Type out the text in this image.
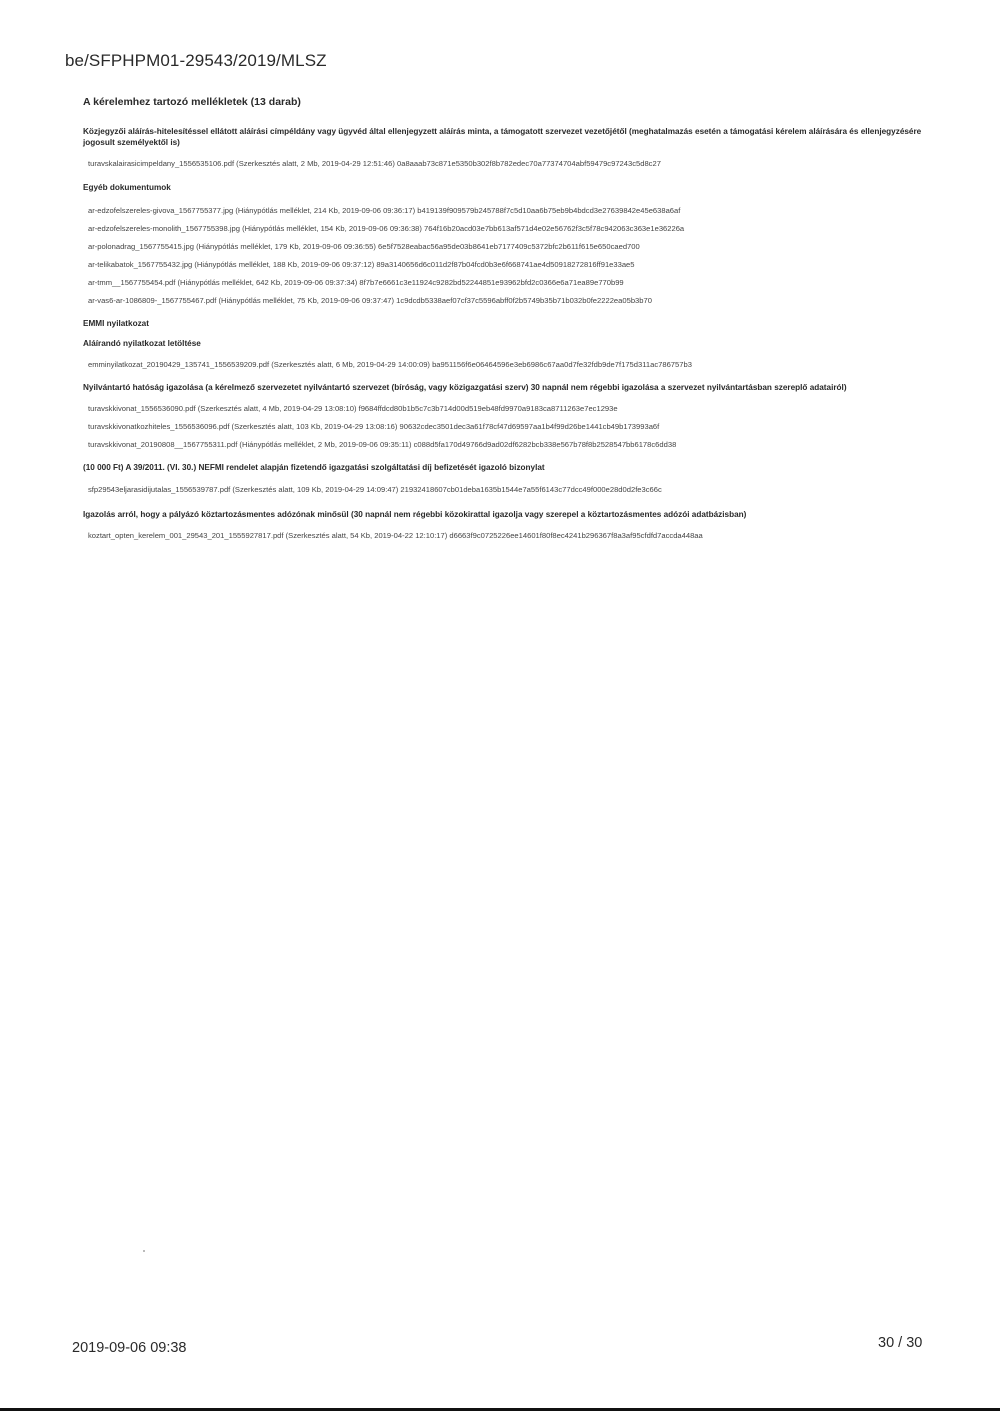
be/SFPHPM01-29543/2019/MLSZ
A kérelemhez tartozó mellékletek (13 darab)
Közjegyzői aláírás-hitelesítéssel ellátott aláírási címpéldány vagy ügyvéd által ellenjegyzett aláírás minta, a támogatott szervezet vezetőjétől (meghatalmazás esetén a támogatási kérelem aláírására és ellenjegyzésére jogosult személyektől is)
turavskalairasicimpeldany_1556535106.pdf (Szerkesztés alatt, 2 Mb, 2019-04-29 12:51:46) 0a8aaab73c871e5350b302f8b782edec70a77374704abf59479c97243c5d8c27
Egyéb dokumentumok
ar-edzofelszereles-givova_1567755377.jpg (Hiánypótlás melléklet, 214 Kb, 2019-09-06 09:36:17) b419139f909579b245788f7c5d10aa6b75eb9b4bdcd3e27639842e45e638a6af
ar-edzofelszereles-monolith_1567755398.jpg (Hiánypótlás melléklet, 154 Kb, 2019-09-06 09:36:38) 764f16b20acd03e7bb613af571d4e02e56762f3c5f78c942063c363e1e36226a
ar-polonadrag_1567755415.jpg (Hiánypótlás melléklet, 179 Kb, 2019-09-06 09:36:55) 6e5f7528eabac56a95de03b8641eb7177409c5372bfc2b611f615e650caed700
ar-telikabatok_1567755432.jpg (Hiánypótlás melléklet, 188 Kb, 2019-09-06 09:37:12) 89a3140656d6c011d2f87b04fcd0b3e6f668741ae4d50918272816ff91e33ae5
ar-tmm__1567755454.pdf (Hiánypótlás melléklet, 642 Kb, 2019-09-06 09:37:34) 8f7b7e6661c3e11924c9282bd52244851e93962bfd2c0366e6a71ea89e770b99
ar-vas6-ar-1086809-_1567755467.pdf (Hiánypótlás melléklet, 75 Kb, 2019-09-06 09:37:47) 1c9dcdb5338aef07cf37c5596abff0f2b5749b35b71b032b0fe2222ea05b3b70
EMMI nyilatkozat
Aláírandó nyilatkozat letöltése
emminyilatkozat_20190429_135741_1556539209.pdf (Szerkesztés alatt, 6 Mb, 2019-04-29 14:00:09) ba951156f6e06464596e3eb6986c67aa0d7fe32fdb9de7f175d311ac786757b3
Nyilvántartó hatóság igazolása (a kérelmező szervezetet nyilvántartó szervezet (bíróság, vagy közigazgatási szerv) 30 napnál nem régebbi igazolása a szervezet nyilvántartásban szereplő adatairól)
turavskkivonat_1556536090.pdf (Szerkesztés alatt, 4 Mb, 2019-04-29 13:08:10) f9684ffdcd80b1b5c7c3b714d00d519eb48fd9970a9183ca8711263e7ec1293e
turavskkivonatkozhiteles_1556536096.pdf (Szerkesztés alatt, 103 Kb, 2019-04-29 13:08:16) 90632cdec3501dec3a61f78cf47d69597aa1b4f99d26be1441cb49b173993a6f
turavskkivonat_20190808__1567755311.pdf (Hiánypótlás melléklet, 2 Mb, 2019-09-06 09:35:11) c088d5fa170d49766d9ad02df6282bcb338e567b78f8b2528547bb6178c6dd38
(10 000 Ft) A 39/2011. (VI. 30.) NEFMI rendelet alapján fizetendő igazgatási szolgáltatási díj befizetését igazoló bizonylat
sfp29543eljarasidijutalas_1556539787.pdf (Szerkesztés alatt, 109 Kb, 2019-04-29 14:09:47) 21932418607cb01deba1635b1544e7a55f6143c77dcc49f000e28d0d2fe3c66c
Igazolás arról, hogy a pályázó köztartozásmentes adózónak minősül (30 napnál nem régebbi közokirattal igazolja vagy szerepel a köztartozásmentes adózói adatbázisban)
koztart_opten_kerelem_001_29543_201_1555927817.pdf (Szerkesztés alatt, 54 Kb, 2019-04-22 12:10:17) d6663f9c0725226ee14601f80f8ec4241b296367f8a3af95cfdfd7accda448aa
2019-09-06 09:38	30 / 30
